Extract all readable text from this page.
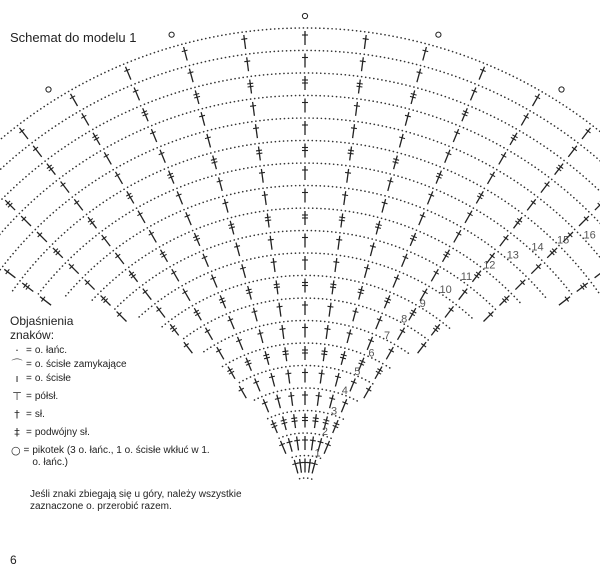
1
2
3
4
5
6
7
8
9
10
11
12
13
14
15 16
Schemat do modelu 1
Objaśnienia
znaków:
· = o. łańc.
⌒ = o. ścisłe zamykające
ı = o. ścisłe
⊤ = półsł.
† = sł.
‡ = podwójny sł.
○ = pikotek (3 o. łańc., 1 o. ścisłe wkłuć w 1. o. łańc.)
Jeśli znaki zbiegają się u góry, należy wszystkie zaznaczone o. przerobić razem.
6
